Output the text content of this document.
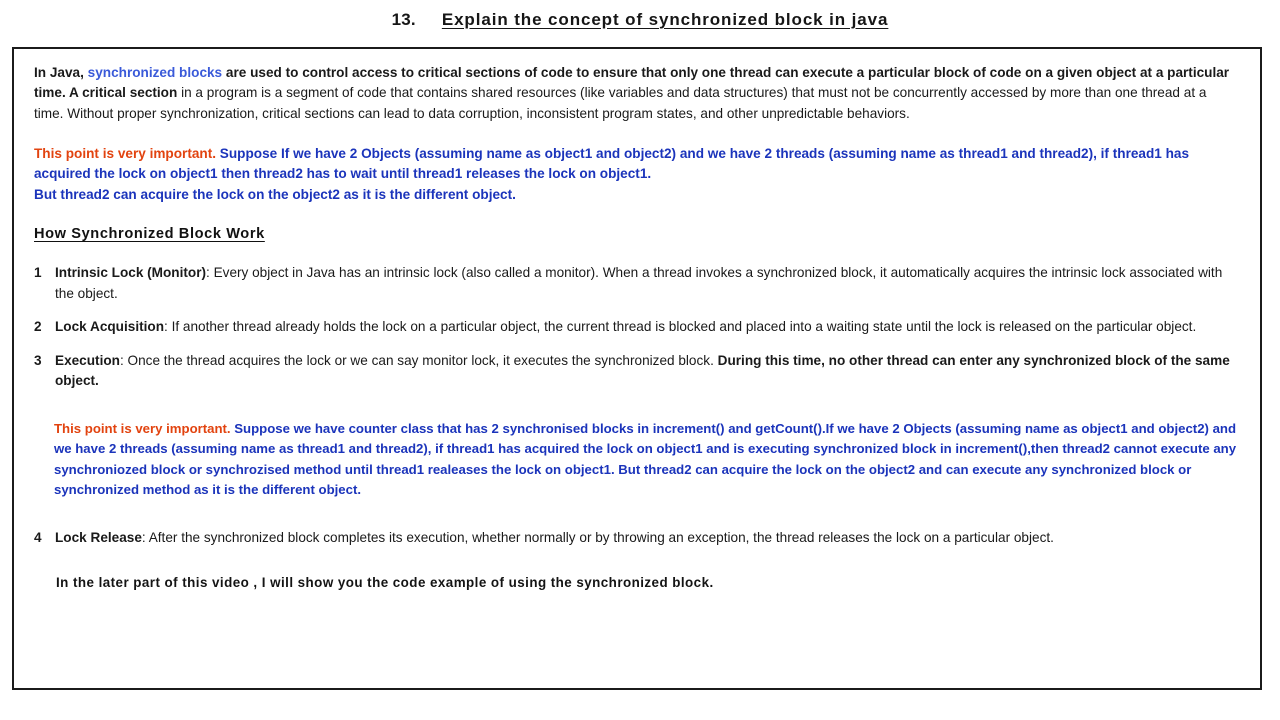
13. Explain the concept of synchronized block in java

In Java, synchronized blocks are used to control access to critical sections of code to ensure that only one thread can execute a particular block of code on a given object at a particular time. A critical section in a program is a segment of code that contains shared resources (like variables and data structures) that must not be concurrently accessed by more than one thread at a time. Without proper synchronization, critical sections can lead to data corruption, inconsistent program states, and other unpredictable behaviors.

This point is very important. Suppose If we have 2 Objects (assuming name as object1 and object2) and we have 2 threads (assuming name as thread1 and thread2), if thread1 has acquired the lock on object1 then thread2 has to wait until thread1 releases the lock on object1.
But thread2 can acquire the lock on the object2 as it is the different object.

How Synchronized Block Work
1 Intrinsic Lock (Monitor): Every object in Java has an intrinsic lock (also called a monitor). When a thread invokes a synchronized block, it automatically acquires the intrinsic lock associated with the object.
2 Lock Acquisition: If another thread already holds the lock on a particular object, the current thread is blocked and placed into a waiting state until the lock is released on the particular object.
3 Execution: Once the thread acquires the lock or we can say monitor lock, it executes the synchronized block. During this time, no other thread can enter any synchronized block of the same object.

This point is very important. Suppose we have counter class that has 2 synchronised blocks in increment() and getCount().If we have 2 Objects (assuming name as object1 and object2) and we have 2 threads (assuming name as thread1 and thread2), if thread1 has acquired the lock on object1 and is executing synchronized block in increment(),then thread2 cannot execute any synchroniozed block or synchrozised method until thread1 realeases the lock on object1. But thread2 can acquire the lock on the object2 and can execute any synchronized block or synchronized method as it is the different object.

4 Lock Release: After the synchronized block completes its execution, whether normally or by throwing an exception, the thread releases the lock on a particular object.

In the later part of this video , I will show you the code example of using the synchronized block.
